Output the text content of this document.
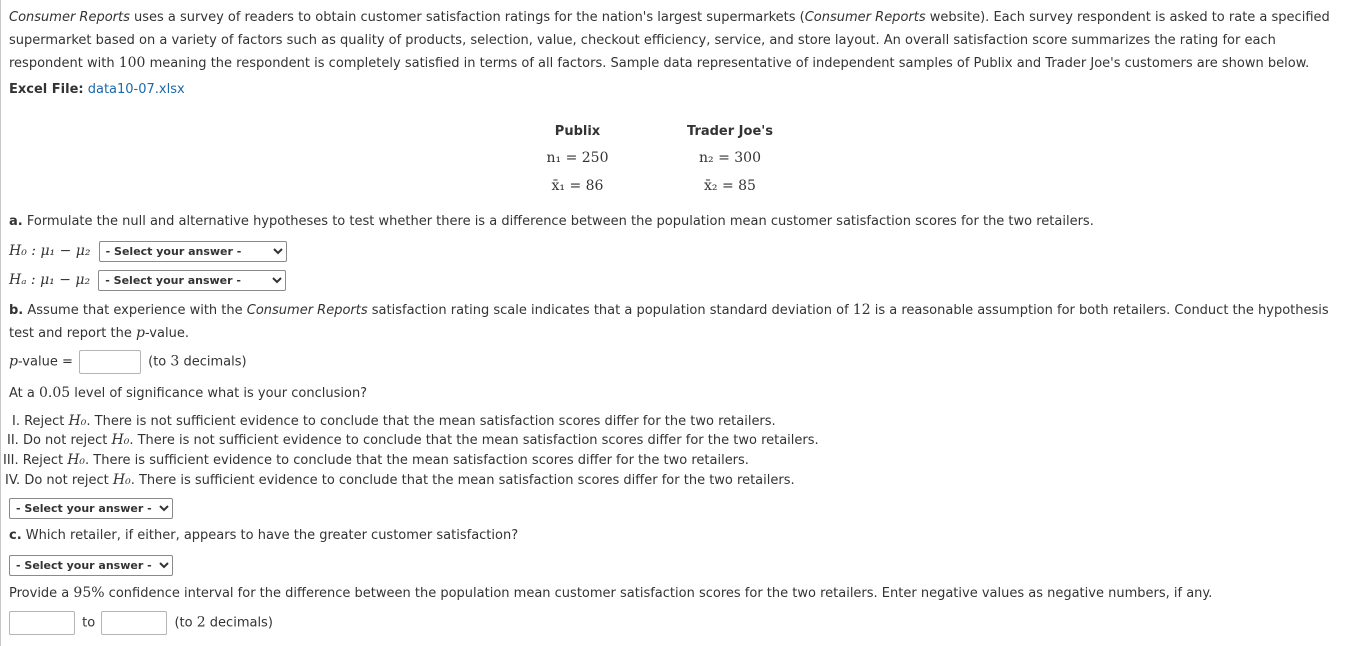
Consumer Reports uses a survey of readers to obtain customer satisfaction ratings for the nation's largest supermarkets (Consumer Reports website). Each survey respondent is asked to rate a specified supermarket based on a variety of factors such as quality of products, selection, value, checkout efficiency, service, and store layout. An overall satisfaction score summarizes the rating for each respondent with 100 meaning the respondent is completely satisfied in terms of all factors. Sample data representative of independent samples of Publix and Trader Joe's customers are shown below.

Excel File: data10-07.xlsx
Publix	Trader Joe's
n₁ = 250	n₂ = 300
x̄₁ = 86	x̄₂ = 85
a. Formulate the null and alternative hypotheses to test whether there is a difference between the population mean customer satisfaction scores for the two retailers.
H₀ : μ₁ − μ₂
- Select your answer -
Hₐ : μ₁ − μ₂
- Select your answer -
b. Assume that experience with the Consumer Reports satisfaction rating scale indicates that a population standard deviation of 12 is a reasonable assumption for both retailers. Conduct the hypothesis
test and report the p-value.
p-value =	(to 3 decimals)
At a 0.05 level of significance what is your conclusion?
I. Reject H₀. There is not sufficient evidence to conclude that the mean satisfaction scores differ for the two retailers.
II. Do not reject H₀. There is not sufficient evidence to conclude that the mean satisfaction scores differ for the two retailers.
III. Reject H₀. There is sufficient evidence to conclude that the mean satisfaction scores differ for the two retailers.
IV. Do not reject H₀. There is sufficient evidence to conclude that the mean satisfaction scores differ for the two retailers.
- Select your answer -
c. Which retailer, if either, appears to have the greater customer satisfaction?
- Select your answer -
Provide a 95% confidence interval for the difference between the population mean customer satisfaction scores for the two retailers. Enter negative values as negative numbers, if any.
to	(to 2 decimals)
